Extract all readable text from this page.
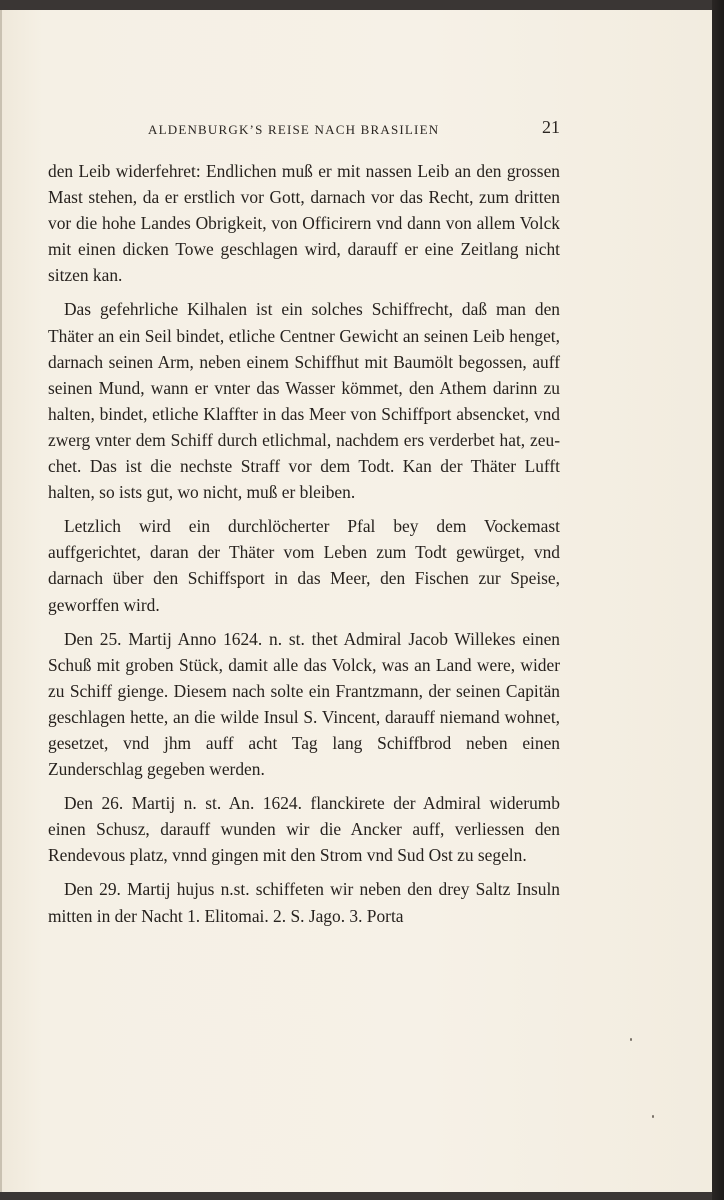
ALDENBURGK’S REISE NACH BRASILIEN	21

den Leib widerfehret: Endlichen muß er mit nassen Leib an den grossen Mast stehen, da er erstlich vor Gott, darnach vor das Recht, zum dritten vor die hohe Landes Obrigkeit, von Officirern vnd dann von allem Volck mit einen dicken Towe geschlagen wird, darauff er eine Zeitlang nicht sitzen kan.

Das gefehrliche Kilhalen ist ein solches Schiffrecht, daß man den Thäter an ein Seil bindet, etliche Centner Gewicht an seinen Leib henget, darnach seinen Arm, neben einem Schiffhut mit Baumölt begossen, auff seinen Mund, wann er vnter das Wasser kömmet, den Athem darinn zu halten, bindet, etliche Klaffter in das Meer von Schiffport absencket, vnd zwerg vnter dem Schiff durch etlichmal, nachdem ers verderbet hat, zeuchet. Das ist die nechste Straff vor dem Todt. Kan der Thäter Lufft halten, so ists gut, wo nicht, muß er bleiben.

Letzlich wird ein durchlöcherter Pfal bey dem Vockemast auffgerichtet, daran der Thäter vom Leben zum Todt gewürget, vnd darnach über den Schiffsport in das Meer, den Fischen zur Speise, geworffen wird.

Den 25. Martij Anno 1624. n. st. thet Admiral Jacob Willekes einen Schuß mit groben Stück, damit alle das Volck, was an Land were, wider zu Schiff gienge. Diesem nach solte ein Frantzmann, der seinen Capitän geschlagen hette, an die wilde Insul S. Vincent, darauff niemand wohnet, gesetzet, vnd jhm auff acht Tag lang Schiffbrod neben einen Zunderschlag gegeben werden.

Den 26. Martij n. st. An. 1624. flanckirete der Admiral widerumb einen Schusz, darauff wunden wir die Ancker auff, verliessen den Rendevous platz, vnnd gingen mit den Strom vnd Sud Ost zu segeln.

Den 29. Martij hujus n.st. schiffeten wir neben den drey Saltz Insuln mitten in der Nacht 1. Elitomai. 2. S. Jago. 3. Porta
